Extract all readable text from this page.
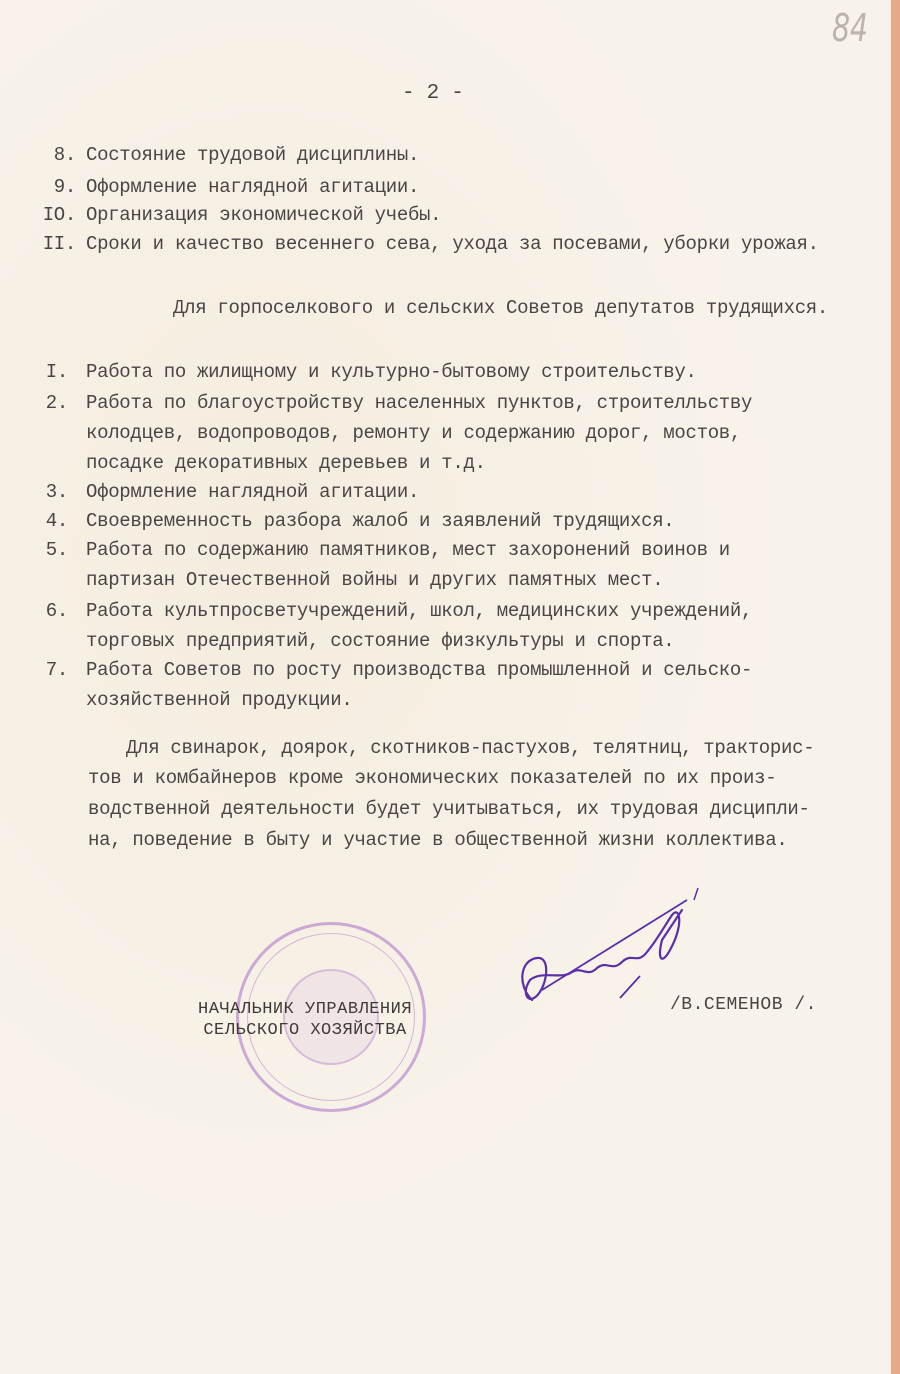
84
- 2 -
8. Состояние трудовой дисциплины.
9. Оформление наглядной агитации.
IO. Организация экономической учебы.
II. Сроки и качество весеннего сева, ухода за посевами, уборки урожая.
Для горпоселкового и сельских Советов депутатов трудящихся.
I. Работа по жилищному и культурно-бытовому строительству.
2. Работа по благоустройству населенных пунктов, строителльству
колодцев, водопроводов, ремонту и содержанию дорог, мостов,
посадке декоративных деревьев и т.д.
3. Оформление наглядной агитации.
4. Своевременность разбора жалоб и заявлений трудящихся.
5. Работа по содержанию памятников, мест захоронений воинов и
партизан Отечественной войны и других памятных мест.
6. Работа культпросветучреждений, школ, медицинских учреждений,
торговых предприятий, состояние физкультуры и спорта.
7. Работа Советов по росту производства промышленной и сельско-
хозяйственной продукции.
Для свинарок, доярок, скотников-пастухов, телятниц, тракторис-
тов и комбайнеров кроме экономических показателей по их произ-
водственной деятельности будет учитываться, их трудовая дисципли-
на, поведение в быту и участие в общественной жизни коллектива.
НАЧАЛЬНИК УПРАВЛЕНИЯ
СЕЛЬСКОГО ХОЗЯЙСТВА
/В.СЕМЕНОВ /.
